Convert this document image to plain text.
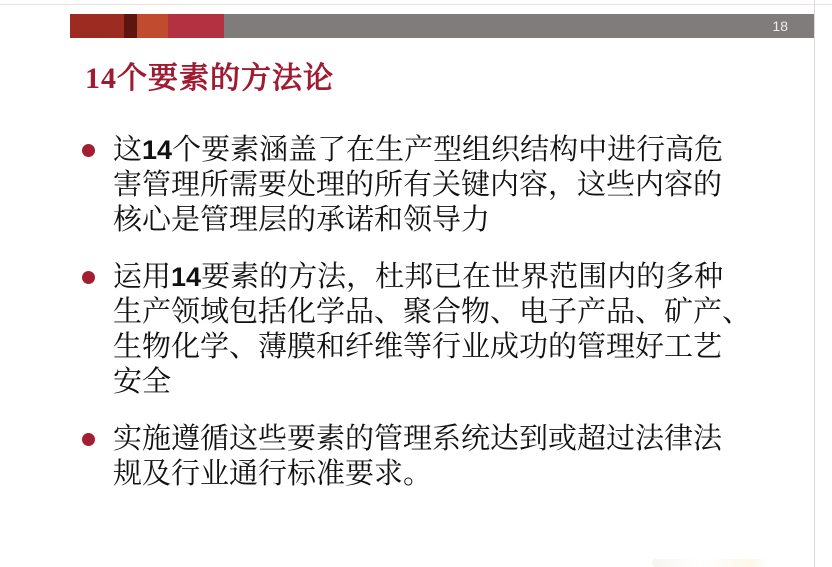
18
14个要素的方法论
这14个要素涵盖了在生产型组织结构中进行高危
害管理所需要处理的所有关键内容，这些内容的
核心是管理层的承诺和领导力
运用14要素的方法，杜邦已在世界范围内的多种
生产领域包括化学品、聚合物、电子产品、矿产、
生物化学、薄膜和纤维等行业成功的管理好工艺
安全
实施遵循这些要素的管理系统达到或超过法律法
规及行业通行标准要求。
